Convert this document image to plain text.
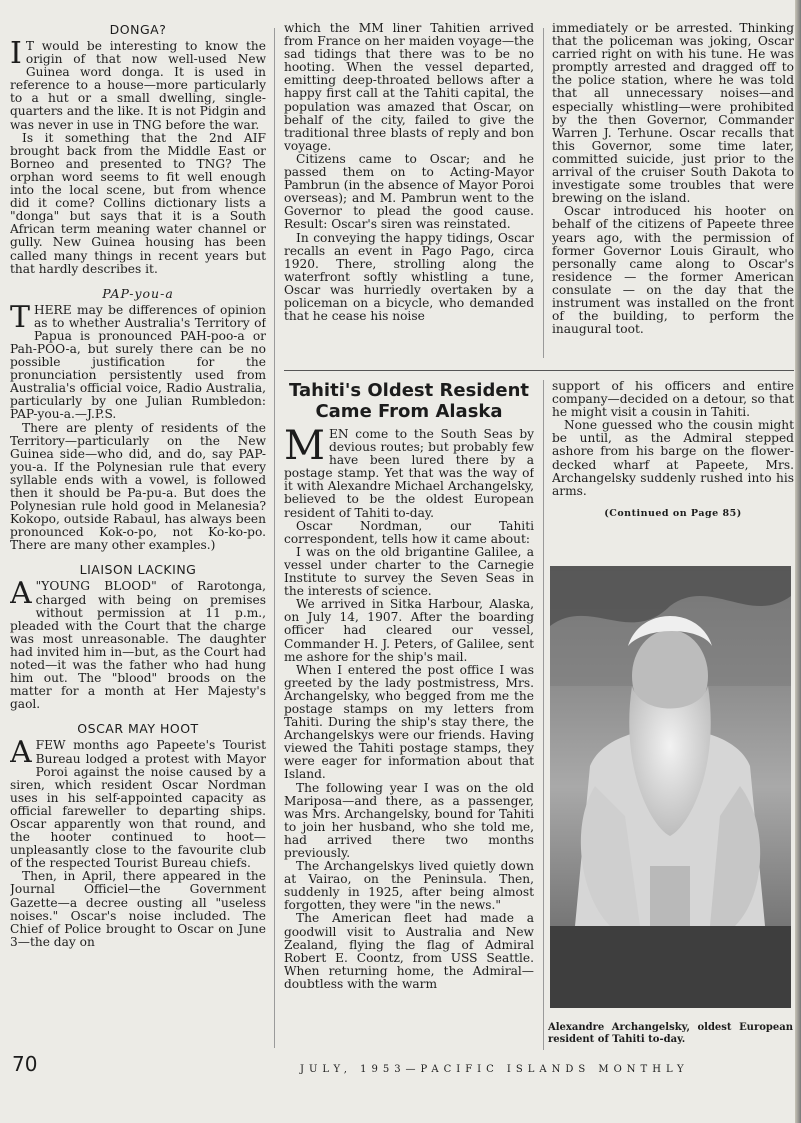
DONGA?

I T would be interesting to know the origin of that now well-used New Guinea word donga. It is used in reference to a house—more particularly to a hut or a small dwelling, single-quarters and the like. It is not Pidgin and was never in use in TNG before the war.

Is it something that the 2nd AIF brought back from the Middle East or Borneo and presented to TNG? The orphan word seems to fit well enough into the local scene, but from whence did it come? Collins dictionary lists a "donga" but says that it is a South African term meaning water channel or gully. New Guinea housing has been called many things in recent years but that hardly describes it.

PAP-you-a

THERE may be differences of opinion as to whether Australia's Territory of Papua is pronounced PAH-poo-a or Pah-POO-a, but surely there can be no possible justification for the pronunciation persistently used from Australia's official voice, Radio Australia, particularly by one Julian Rumbledon: PAP-you-a.—J.P.S.

There are plenty of residents of the Territory—particularly on the New Guinea side—who did, and do, say PAP-you-a. If the Polynesian rule that every syllable ends with a vowel, is followed then it should be Pa-pu-a. But does the Polynesian rule hold good in Melanesia? Kokopo, outside Rabaul, has always been pronounced Kok-o-po, not Ko-ko-po. There are many other examples.)

LIAISON LACKING

A "YOUNG BLOOD" of Rarotonga, charged with being on premises without permission at 11 p.m., pleaded with the Court that the charge was most unreasonable. The daughter had invited him in—but, as the Court had noted—it was the father who had hung him out. The "blood" broods on the matter for a month at Her Majesty's gaol.

OSCAR MAY HOOT

AFEW months ago Papeete's Tourist Bureau lodged a protest with Mayor Poroi against the noise caused by a siren, which resident Oscar Nordman uses in his self-appointed capacity as official fareweller to departing ships. Oscar apparently won that round, and the hooter continued to hoot—unpleasantly close to the favourite club of the respected Tourist Bureau chiefs.

Then, in April, there appeared in the Journal Officiel—the Government Gazette—a decree ousting all "useless noises." Oscar's noise included. The Chief of Police brought to Oscar on June 3—the day on

which the MM liner Tahitien arrived from France on her maiden voyage—the sad tidings that there was to be no hooting. When the vessel departed, emitting deep-throated bellows after a happy first call at the Tahiti capital, the population was amazed that Oscar, on behalf of the city, failed to give the traditional three blasts of reply and bon voyage.

Citizens came to Oscar; and he passed them on to Acting-Mayor Pambrun (in the absence of Mayor Poroi overseas); and M. Pambrun went to the Governor to plead the good cause. Result: Oscar's siren was reinstated.

In conveying the happy tidings, Oscar recalls an event in Pago Pago, circa 1920. There, strolling along the waterfront softly whistling a tune, Oscar was hurriedly overtaken by a policeman on a bicycle, who demanded that he cease his noise

immediately or be arrested. Thinking that the policeman was joking, Oscar carried right on with his tune. He was promptly arrested and dragged off to the police station, where he was told that all unnecessary noises—and especially whistling—were prohibited by the then Governor, Commander Warren J. Terhune. Oscar recalls that this Governor, some time later, committed suicide, just prior to the arrival of the cruiser South Dakota to investigate some troubles that were brewing on the island.

Oscar introduced his hooter on behalf of the citizens of Papeete three years ago, with the permission of former Governor Louis Girault, who personally came along to Oscar's residence — the former American consulate — on the day that the instrument was installed on the front of the building, to perform the inaugural toot.

Tahiti's Oldest Resident Came From Alaska

MEN come to the South Seas by devious routes; but probably few have been lured there by a postage stamp. Yet that was the way of it with Alexandre Michael Archangelsky, believed to be the oldest European resident of Tahiti to-day.

Oscar Nordman, our Tahiti correspondent, tells how it came about:

I was on the old brigantine Galilee, a vessel under charter to the Carnegie Institute to survey the Seven Seas in the interests of science.

We arrived in Sitka Harbour, Alaska, on July 14, 1907. After the boarding officer had cleared our vessel, Commander H. J. Peters, of Galilee, sent me ashore for the ship's mail.

When I entered the post office I was greeted by the lady postmistress, Mrs. Archangelsky, who begged from me the postage stamps on my letters from Tahiti. During the ship's stay there, the Archangelskys were our friends. Having viewed the Tahiti postage stamps, they were eager for information about that Island.

The following year I was on the old Mariposa—and there, as a passenger, was Mrs. Archangelsky, bound for Tahiti to join her husband, who she told me, had arrived there two months previously.

The Archangelskys lived quietly down at Vairao, on the Peninsula. Then, suddenly in 1925, after being almost forgotten, they were "in the news."

The American fleet had made a goodwill visit to Australia and New Zealand, flying the flag of Admiral Robert E. Coontz, from USS Seattle. When returning home, the Admiral—doubtless with the warm

support of his officers and entire company—decided on a detour, so that he might visit a cousin in Tahiti.

None guessed who the cousin might be until, as the Admiral stepped ashore from his barge on the flower-decked wharf at Papeete, Mrs. Archangelsky suddenly rushed into his arms.

(Continued on Page 85)
Alexandre Archangelsky, oldest European resident of Tahiti to-day.
70	JULY, 1953—PACIFIC ISLANDS MONTHLY
